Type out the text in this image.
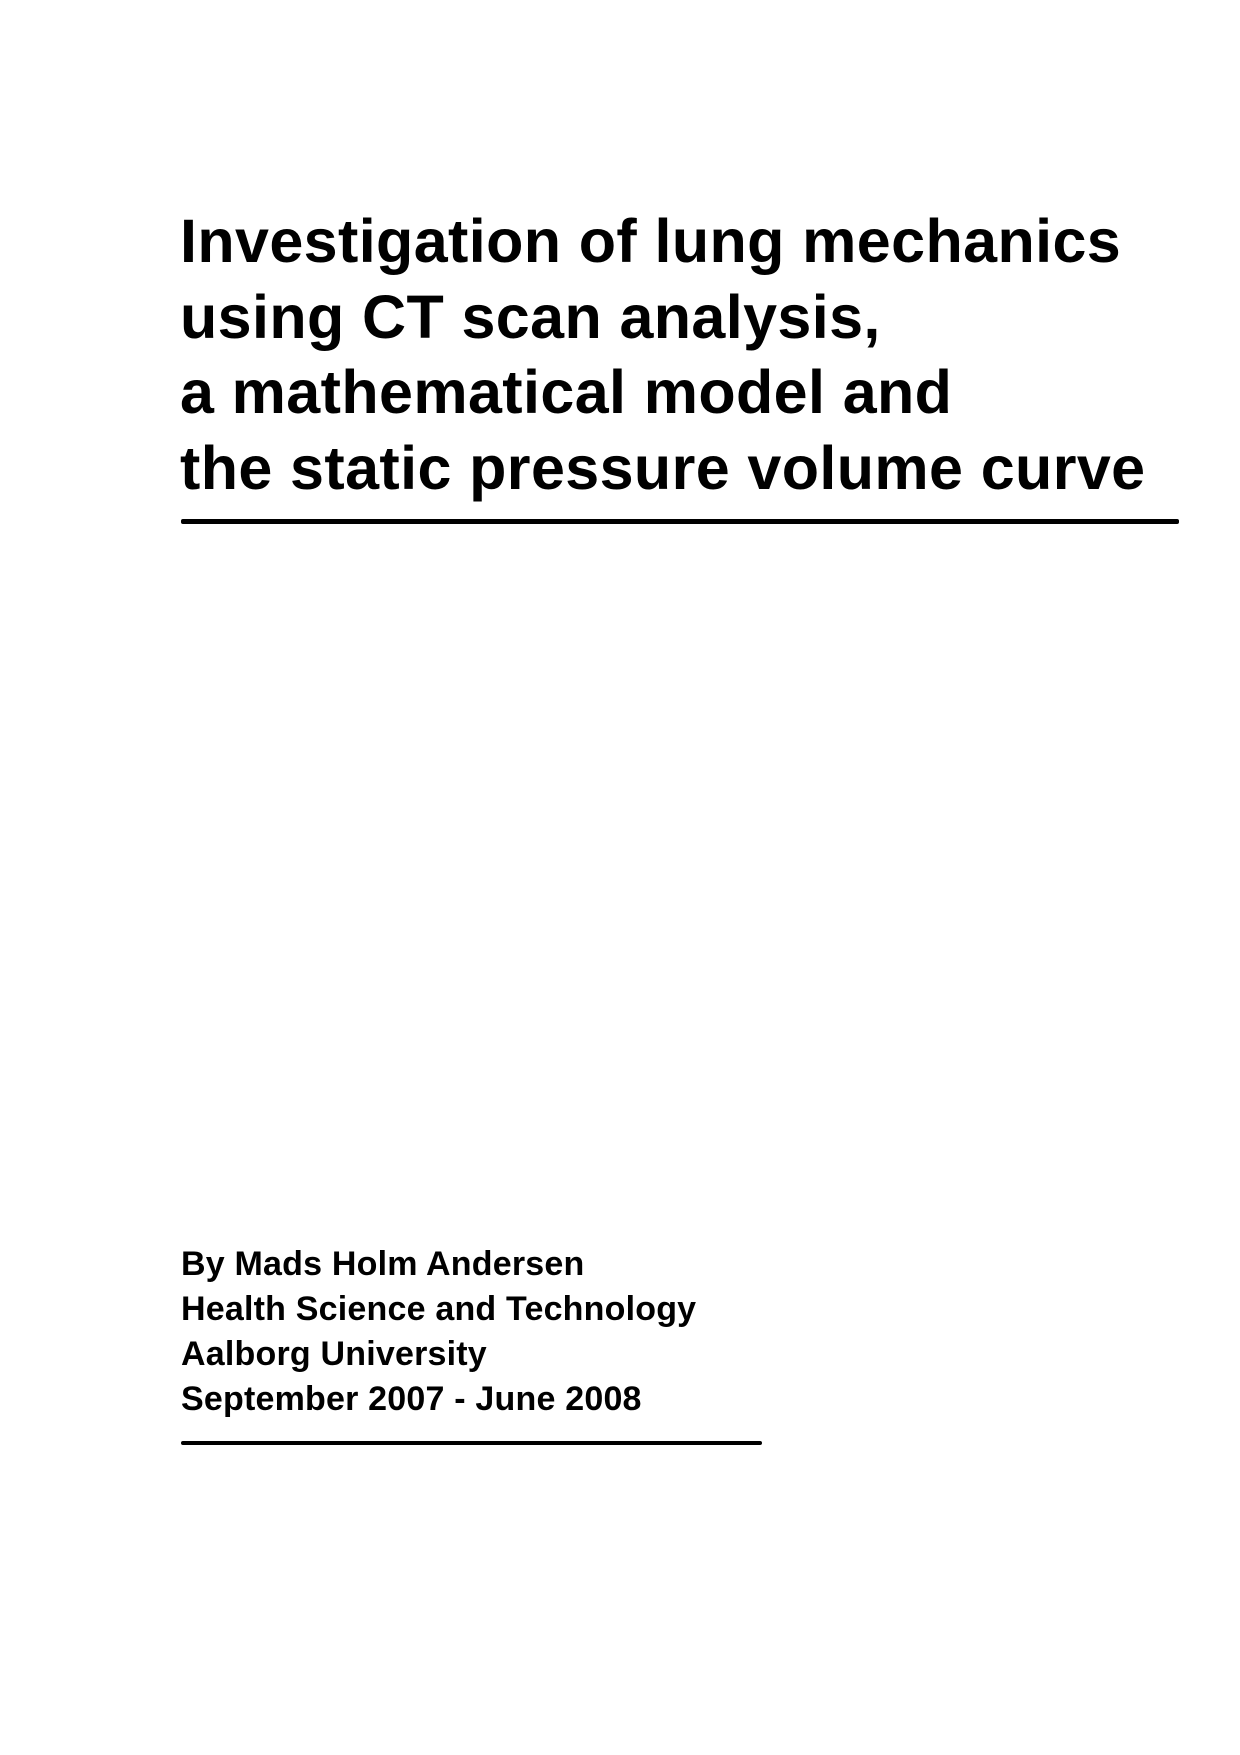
Investigation of lung mechanics
using CT scan analysis,
a mathematical model and
the static pressure volume curve
By Mads Holm Andersen
Health Science and Technology
Aalborg University
September 2007 - June 2008
